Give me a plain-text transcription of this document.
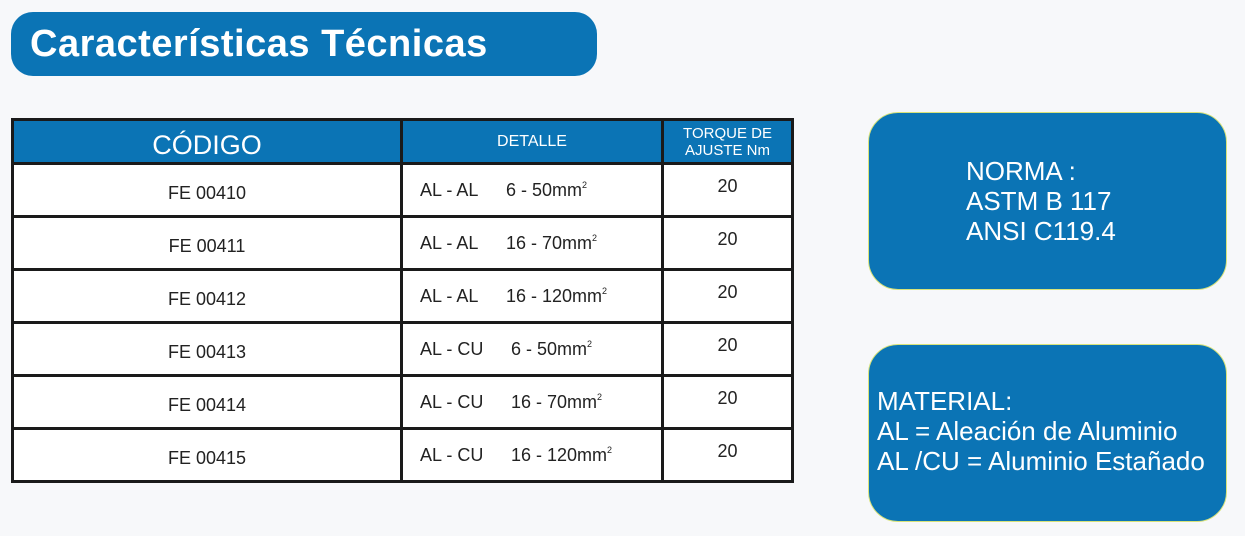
Características Técnicas
CÓDIGO	DETALLE	TORQUE DE
AJUSTE Nm

FE 00410	AL - AL $6 - 50mm^2$	20
FE 00411	AL - AL $16 - 70mm^2$	20
FE 00412	AL - AL $16 - 120mm^2$	20
FE 00413	AL - CU $6 - 50mm^2$	20
FE 00414	AL - CU $16 - 70mm^2$	20
FE 00415	AL - CU $16 - 120mm^2$	20
NORMA :
ASTM B 117
ANSI C119.4
MATERIAL:
AL = Aleación de Aluminio
AL /CU = Aluminio Estañado
